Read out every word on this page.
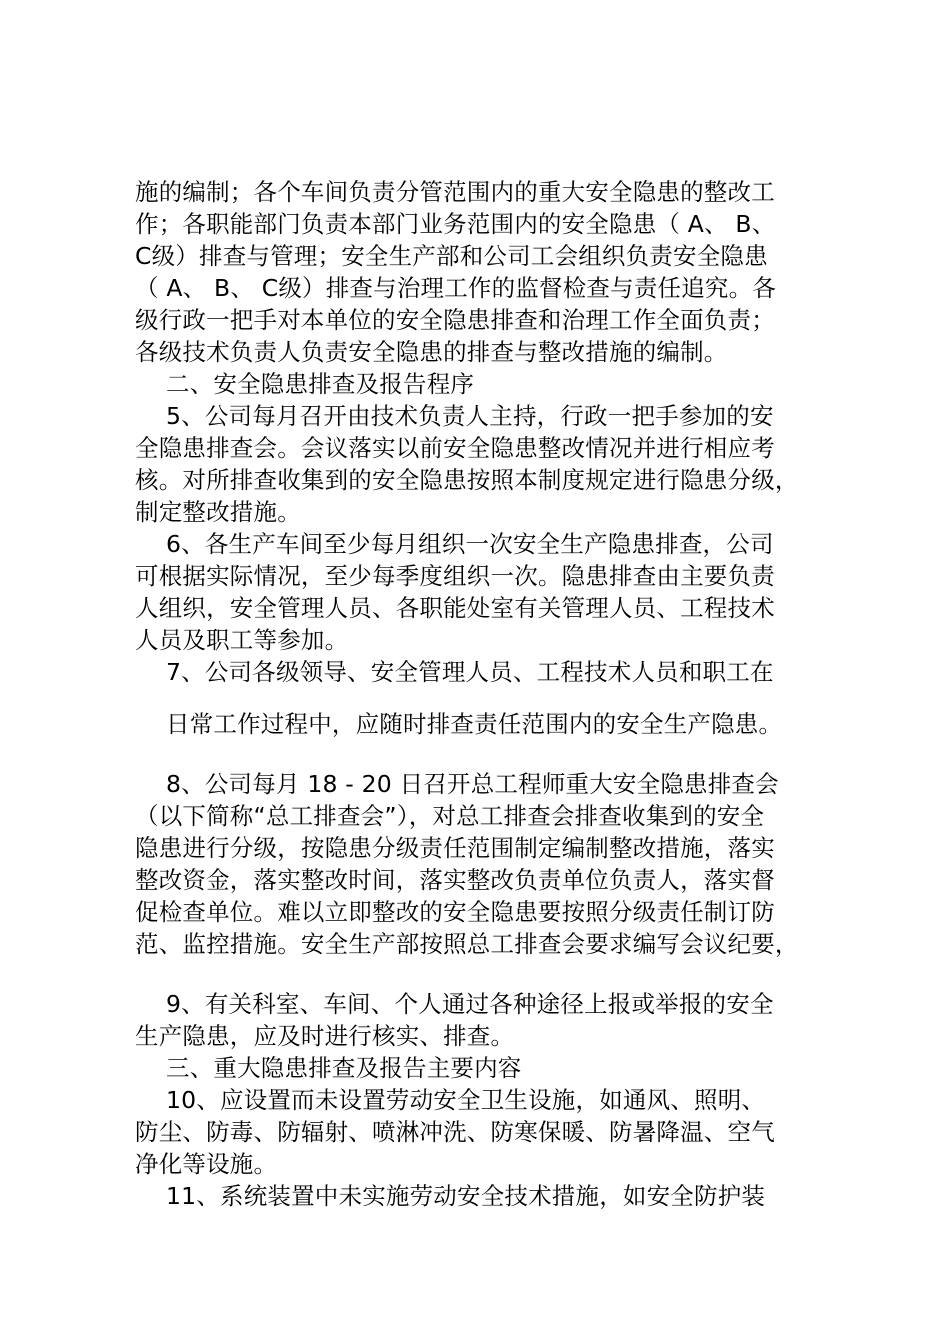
施的编制；各个车间负责分管范围内的重大安全隐患的整改工
作；各职能部门负责本部门业务范围内的安全隐患（ A、 B、
C级）排查与管理；安全生产部和公司工会组织负责安全隐患
（ A、 B、 C级）排查与治理工作的监督检查与责任追究。各
级行政一把手对本单位的安全隐患排查和治理工作全面负责；
各级技术负责人负责安全隐患的排查与整改措施的编制。
二、安全隐患排查及报告程序
5、公司每月召开由技术负责人主持，行政一把手参加的安
全隐患排查会。会议落实以前安全隐患整改情况并进行相应考
核。对所排查收集到的安全隐患按照本制度规定进行隐患分级，
制定整改措施。
6、各生产车间至少每月组织一次安全生产隐患排查，公司
可根据实际情况，至少每季度组织一次。隐患排查由主要负责
人组织，安全管理人员、各职能处室有关管理人员、工程技术
人员及职工等参加。
7、公司各级领导、安全管理人员、工程技术人员和职工在
日常工作过程中，应随时排查责任范围内的安全生产隐患。
8、公司每月 18 - 20 日召开总工程师重大安全隐患排查会
（以下简称“总工排查会”），对总工排查会排查收集到的安全
隐患进行分级，按隐患分级责任范围制定编制整改措施，落实
整改资金，落实整改时间，落实整改负责单位负责人，落实督
促检查单位。难以立即整改的安全隐患要按照分级责任制订防
范、监控措施。安全生产部按照总工排查会要求编写会议纪要，
9、有关科室、车间、个人通过各种途径上报或举报的安全
生产隐患，应及时进行核实、排查。
三、重大隐患排查及报告主要内容
10、应设置而未设置劳动安全卫生设施，如通风、照明、
防尘、防毒、防辐射、喷淋冲洗、防寒保暖、防暑降温、空气
净化等设施。
11、系统装置中未实施劳动安全技术措施，如安全防护装
